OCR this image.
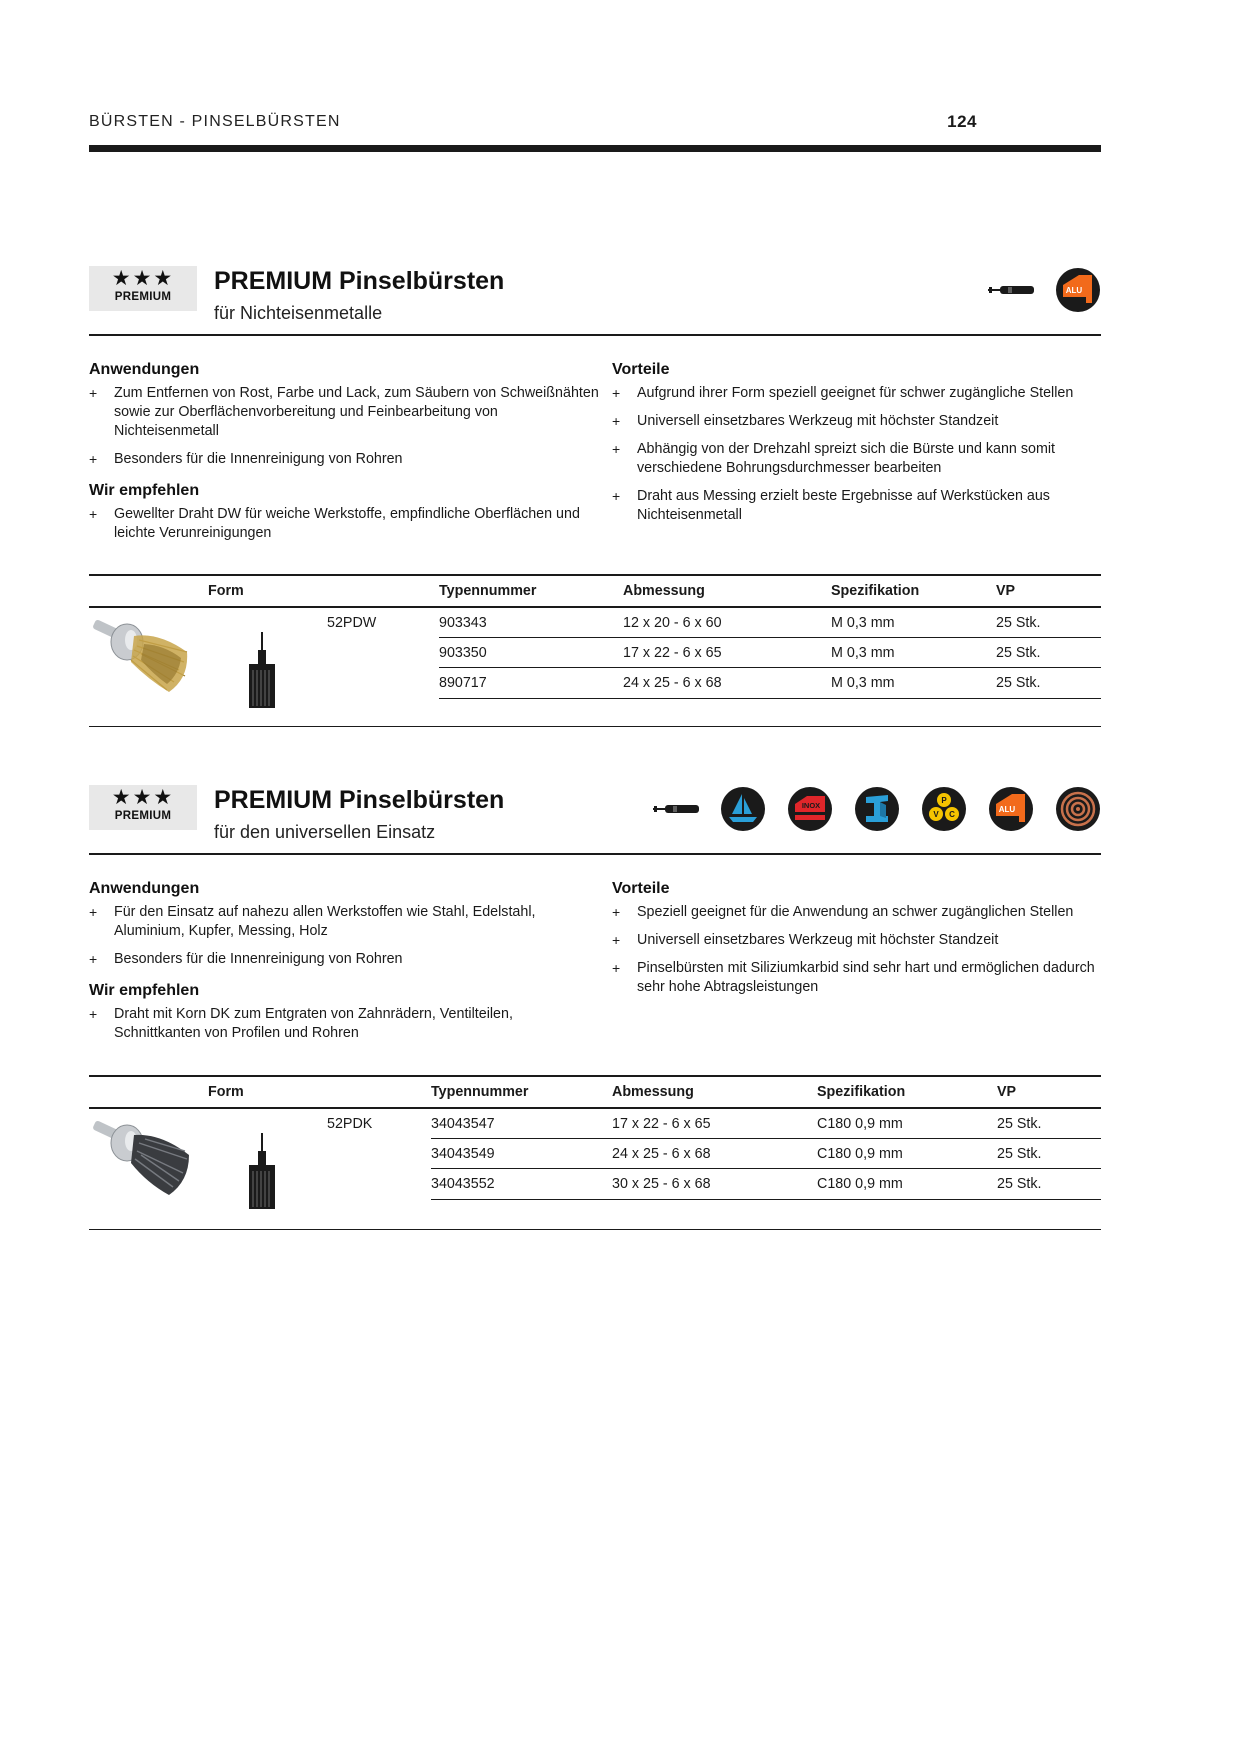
BÜRSTEN - PINSELBÜRSTEN	124
★★★
PREMIUM
PREMIUM Pinselbürsten
für Nichteisenmetalle
ALU
Anwendungen
+ Zum Entfernen von Rost, Farbe und Lack, zum Säubern von Schweißnähten sowie zur Oberflächenvorbereitung und Feinbearbeitung von Nichteisenmetall
+ Besonders für die Innenreinigung von Rohren
Wir empfehlen
+ Gewellter Draht DW für weiche Werkstoffe, empfindliche Oberflächen und leichte Verunreinigungen
Vorteile
+ Aufgrund ihrer Form speziell geeignet für schwer zugängliche Stellen
+ Universell einsetzbares Werkzeug mit höchster Standzeit
+ Abhängig von der Drehzahl spreizt sich die Bürste und kann somit verschiedene Bohrungsdurchmesser bearbeiten
+ Draht aus Messing erzielt beste Ergebnisse auf Werkstücken aus Nichteisenmetall
Form		Typennummer	Abmessung	Spezifikation	VP

	52PDW	903343	12 x 20 - 6 x 60	M 0,3 mm	25 Stk.
		903350	17 x 22 - 6 x 65	M 0,3 mm	25 Stk.
		890717	24 x 25 - 6 x 68	M 0,3 mm	25 Stk.
★★★
PREMIUM
PREMIUM Pinselbürsten
für den universellen Einsatz
INOX
P
V C
ALU
Anwendungen
+ Für den Einsatz auf nahezu allen Werkstoffen wie Stahl, Edelstahl, Aluminium, Kupfer, Messing, Holz
+ Besonders für die Innenreinigung von Rohren
Wir empfehlen
+ Draht mit Korn DK zum Entgraten von Zahnrädern, Ventilteilen, Schnittkanten von Profilen und Rohren
Vorteile
+ Speziell geeignet für die Anwendung an schwer zugänglichen Stellen
+ Universell einsetzbares Werkzeug mit höchster Standzeit
+ Pinselbürsten mit Siliziumkarbid sind sehr hart und ermöglichen dadurch sehr hohe Abtragsleistungen
Form		Typennummer	Abmessung	Spezifikation	VP

	52PDK	34043547	17 x 22 - 6 x 65	C180 0,9 mm	25 Stk.
		34043549	24 x 25 - 6 x 68	C180 0,9 mm	25 Stk.
		34043552	30 x 25 - 6 x 68	C180 0,9 mm	25 Stk.
